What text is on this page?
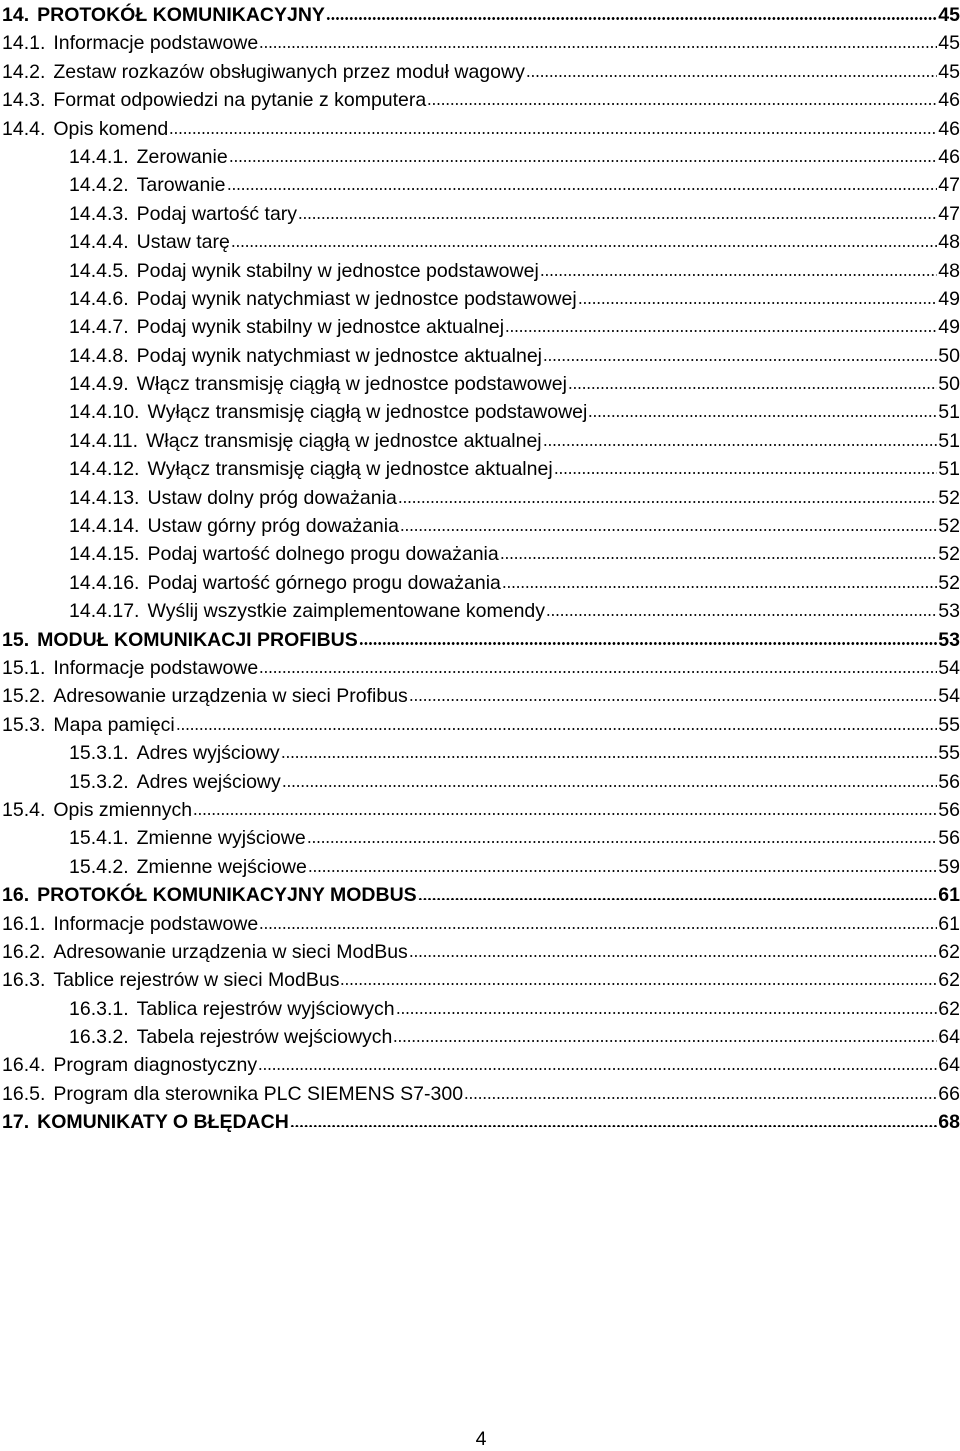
14. PROTOKÓŁ KOMUNIKACYJNY	45
14.1. Informacje podstawowe	45
14.2. Zestaw rozkazów obsługiwanych przez moduł wagowy	45
14.3. Format odpowiedzi na pytanie z komputera	46
14.4. Opis komend	46
14.4.1. Zerowanie	46
14.4.2. Tarowanie	47
14.4.3. Podaj wartość tary	47
14.4.4. Ustaw tarę	48
14.4.5. Podaj wynik stabilny w jednostce podstawowej	48
14.4.6. Podaj wynik natychmiast w jednostce podstawowej	49
14.4.7. Podaj wynik stabilny w jednostce aktualnej	49
14.4.8. Podaj wynik natychmiast w jednostce aktualnej	50
14.4.9. Włącz transmisję ciągłą w jednostce podstawowej	50
14.4.10. Wyłącz transmisję ciągłą w jednostce podstawowej	51
14.4.11. Włącz transmisję ciągłą w jednostce aktualnej	51
14.4.12. Wyłącz transmisję ciągłą w jednostce aktualnej	51
14.4.13. Ustaw dolny próg doważania	52
14.4.14. Ustaw górny próg doważania	52
14.4.15. Podaj wartość dolnego progu doważania	52
14.4.16. Podaj wartość górnego progu doważania	52
14.4.17. Wyślij wszystkie zaimplementowane komendy	53
15. MODUŁ KOMUNIKACJI PROFIBUS	53
15.1. Informacje podstawowe	54
15.2. Adresowanie urządzenia w sieci Profibus	54
15.3. Mapa pamięci	55
15.3.1. Adres wyjściowy	55
15.3.2. Adres wejściowy	56
15.4. Opis zmiennych	56
15.4.1. Zmienne wyjściowe	56
15.4.2. Zmienne wejściowe	59
16. PROTOKÓŁ KOMUNIKACYJNY MODBUS	61
16.1. Informacje podstawowe	61
16.2. Adresowanie urządzenia w sieci ModBus	62
16.3. Tablice rejestrów w sieci ModBus	62
16.3.1. Tablica rejestrów wyjściowych	62
16.3.2. Tabela rejestrów wejściowych	64
16.4. Program diagnostyczny	64
16.5. Program dla sterownika PLC SIEMENS S7-300	66
17. KOMUNIKATY O BŁĘDACH	68
4
